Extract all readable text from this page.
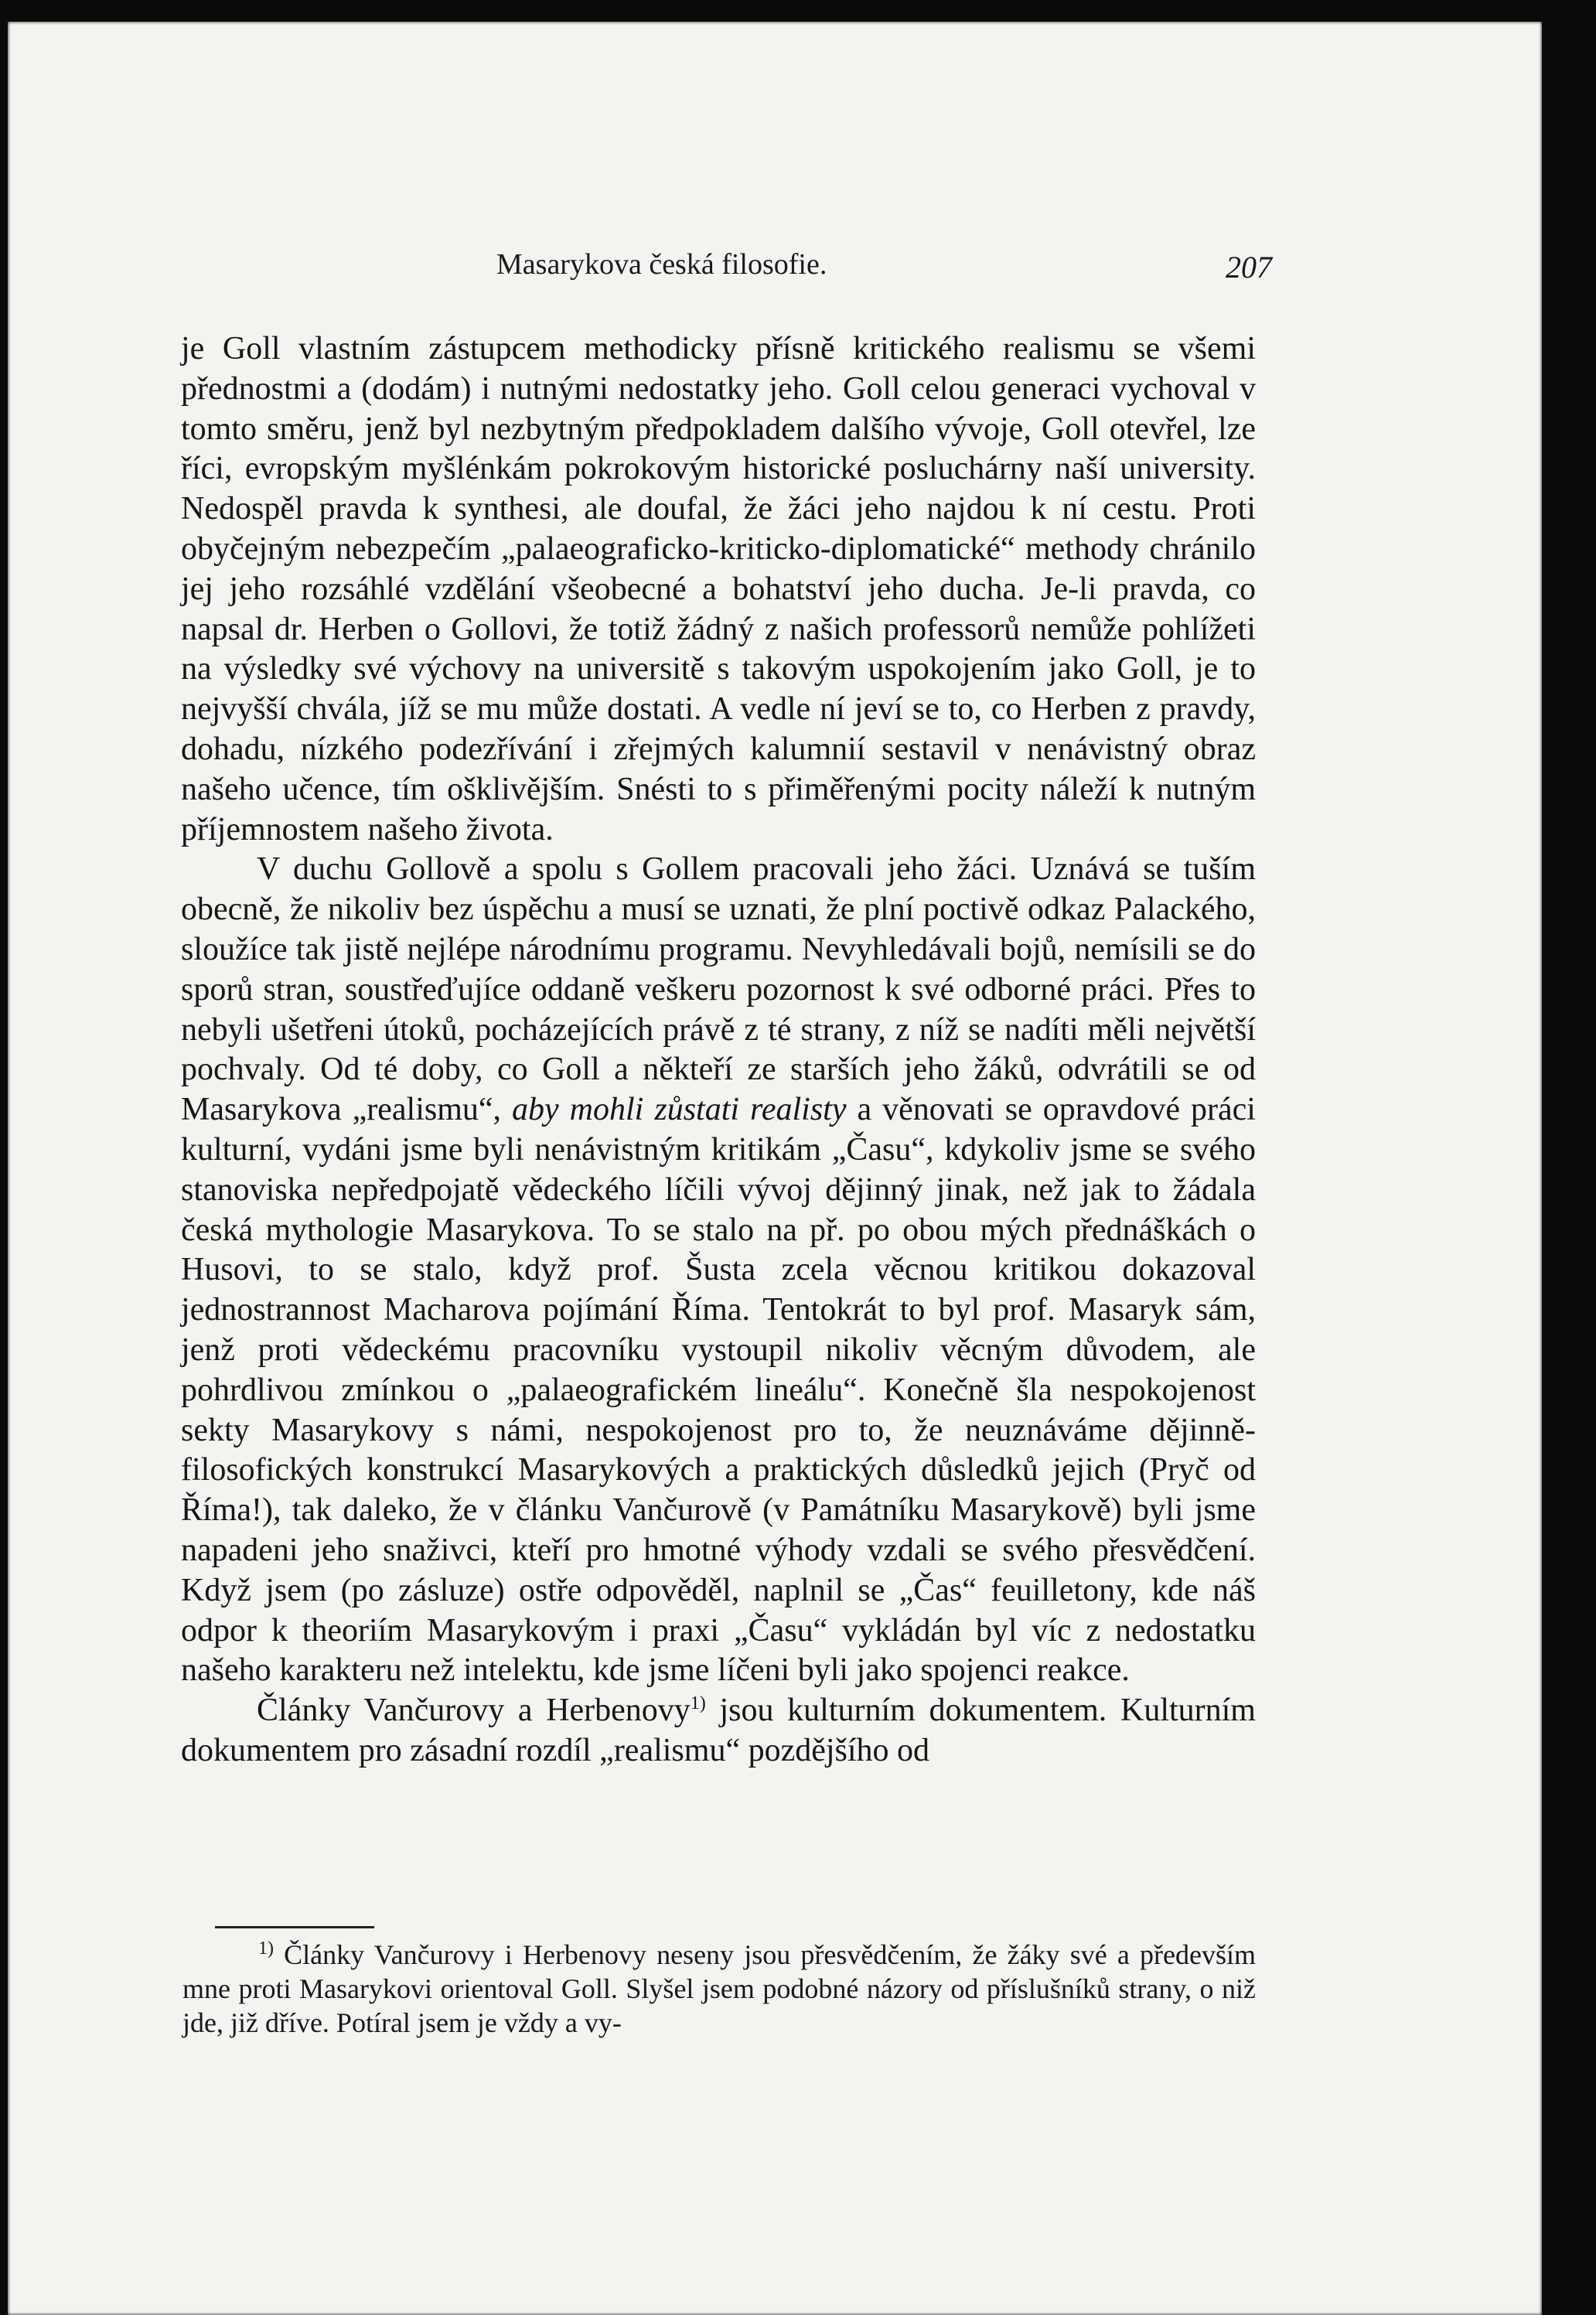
Masarykova česká filosofie.	207

je Goll vlastním zástupcem methodicky přísně kritického realismu se všemi přednostmi a (dodám) i nutnými nedostatky jeho. Goll celou generaci vychoval v tomto směru, jenž byl nezbytným předpokladem dalšího vývoje, Goll otevřel, lze říci, evropským myšlénkám pokrokovým historické posluchárny naší university. Nedospěl pravda k synthesi, ale doufal, že žáci jeho najdou k ní cestu. Proti obyčejným nebezpečím „palaeograficko-kriticko-diplomatické“ methody chránilo jej jeho rozsáhlé vzdělání všeobecné a bohatství jeho ducha. Je-li pravda, co napsal dr. Herben o Gollovi, že totiž žádný z našich professorů nemůže pohlížeti na výsledky své výchovy na universitě s takovým uspokojením jako Goll, je to nejvyšší chvála, jíž se mu může dostati. A vedle ní jeví se to, co Herben z pravdy, dohadu, nízkého podezřívání i zřejmých kalumnií sestavil v nenávistný obraz našeho učence, tím ošklivějším. Snésti to s přiměřenými pocity náleží k nutným příjemnostem našeho života.

V duchu Gollově a spolu s Gollem pracovali jeho žáci. Uznává se tuším obecně, že nikoliv bez úspěchu a musí se uznati, že plní poctivě odkaz Palackého, sloužíce tak jistě nejlépe národnímu programu. Nevyhledávali bojů, nemísili se do sporů stran, soustřeďujíce oddaně veškeru pozornost k své odborné práci. Přes to nebyli ušetřeni útoků, pocházejících právě z té strany, z níž se nadíti měli největší pochvaly. Od té doby, co Goll a někteří ze starších jeho žáků, odvrátili se od Masarykova „realismu“, aby mohli zůstati realisty a věnovati se opravdové práci kulturní, vydáni jsme byli nenávistným kritikám „Času“, kdykoliv jsme se svého stanoviska nepředpojatě vědeckého líčili vývoj dějinný jinak, než jak to žádala česká mythologie Masarykova. To se stalo na př. po obou mých přednáškách o Husovi, to se stalo, když prof. Šusta zcela věcnou kritikou dokazoval jednostrannost Macharova pojímání Říma. Tentokrát to byl prof. Masaryk sám, jenž proti vědeckému pracovníku vystoupil nikoliv věcným důvodem, ale pohrdlivou zmínkou o „palaeografickém lineálu“. Konečně šla nespokojenost sekty Masarykovy s námi, nespokojenost pro to, že neuznáváme dějinně-filosofických konstrukcí Masarykových a praktických důsledků jejich (Pryč od Říma!), tak daleko, že v článku Vančurově (v Památníku Masarykově) byli jsme napadeni jeho snaživci, kteří pro hmotné výhody vzdali se svého přesvědčení. Když jsem (po zásluze) ostře odpověděl, naplnil se „Čas“ feuilletony, kde náš odpor k theoriím Masarykovým i praxi „Času“ vykládán byl víc z nedostatku našeho karakteru než intelektu, kde jsme líčeni byli jako spojenci reakce.

Články Vančurovy a Herbenovy$^{1)}$ jsou kulturním dokumentem. Kulturním dokumentem pro zásadní rozdíl „realismu“ pozdějšího od

$^{1)}$ Články Vančurovy i Herbenovy neseny jsou přesvědčením, že žáky své a především mne proti Masarykovi orientoval Goll. Slyšel jsem podobné názory od příslušníků strany, o niž jde, již dříve. Potíral jsem je vždy a vy-
